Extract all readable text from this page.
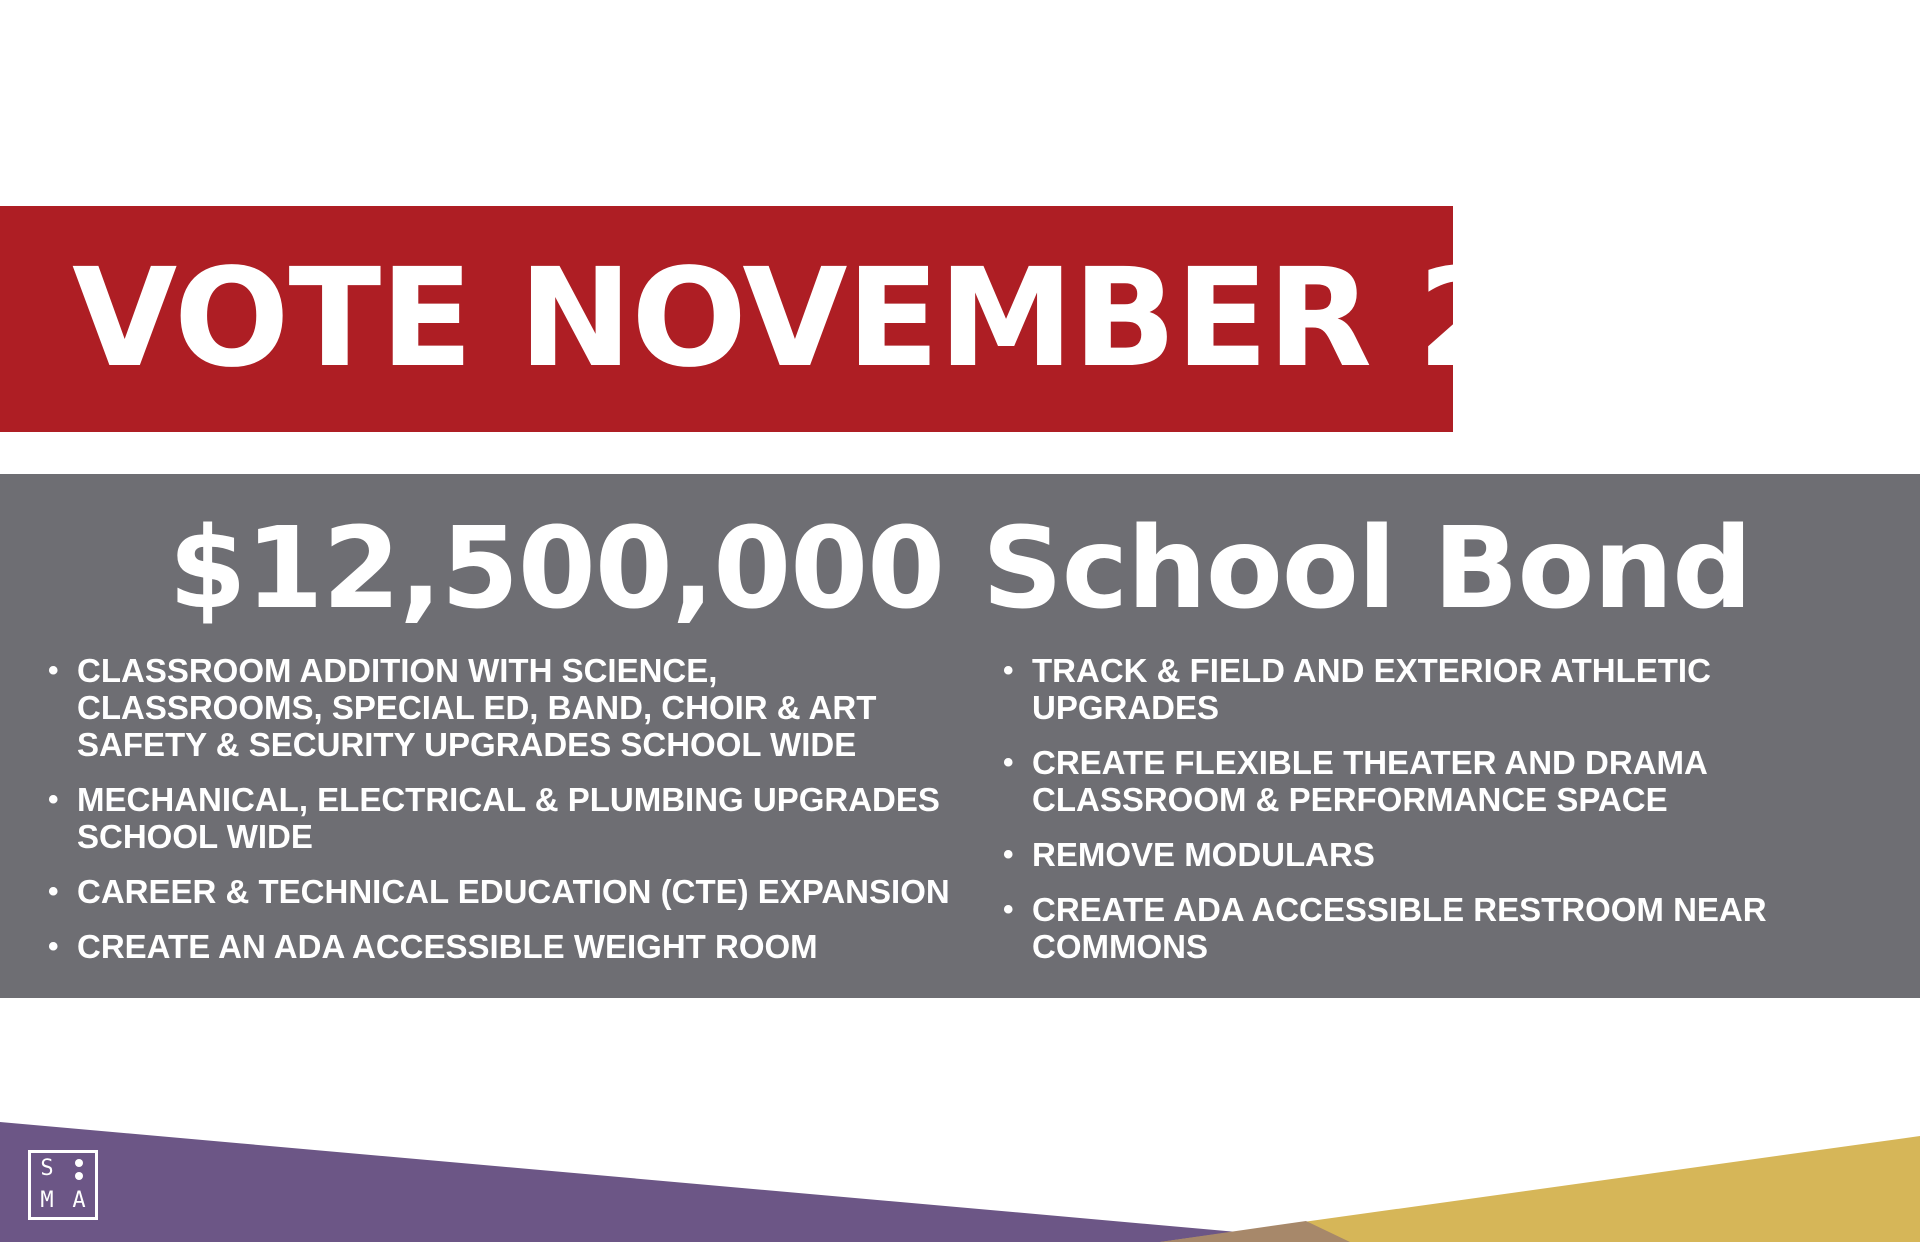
VOTE NOVEMBER 2
$12,500,000 School Bond
• CLASSROOM ADDITION WITH SCIENCE, CLASSROOMS, SPECIAL ED, BAND, CHOIR & ART SAFETY & SECURITY UPGRADES SCHOOL WIDE
• MECHANICAL, ELECTRICAL & PLUMBING UPGRADES SCHOOL WIDE
• CAREER & TECHNICAL EDUCATION (CTE) EXPANSION
• CREATE AN ADA ACCESSIBLE WEIGHT ROOM
• TRACK & FIELD AND EXTERIOR ATHLETIC UPGRADES
• CREATE FLEXIBLE THEATER AND DRAMA CLASSROOM & PERFORMANCE SPACE
• REMOVE MODULARS
• CREATE ADA ACCESSIBLE RESTROOM NEAR COMMONS
S
M A
